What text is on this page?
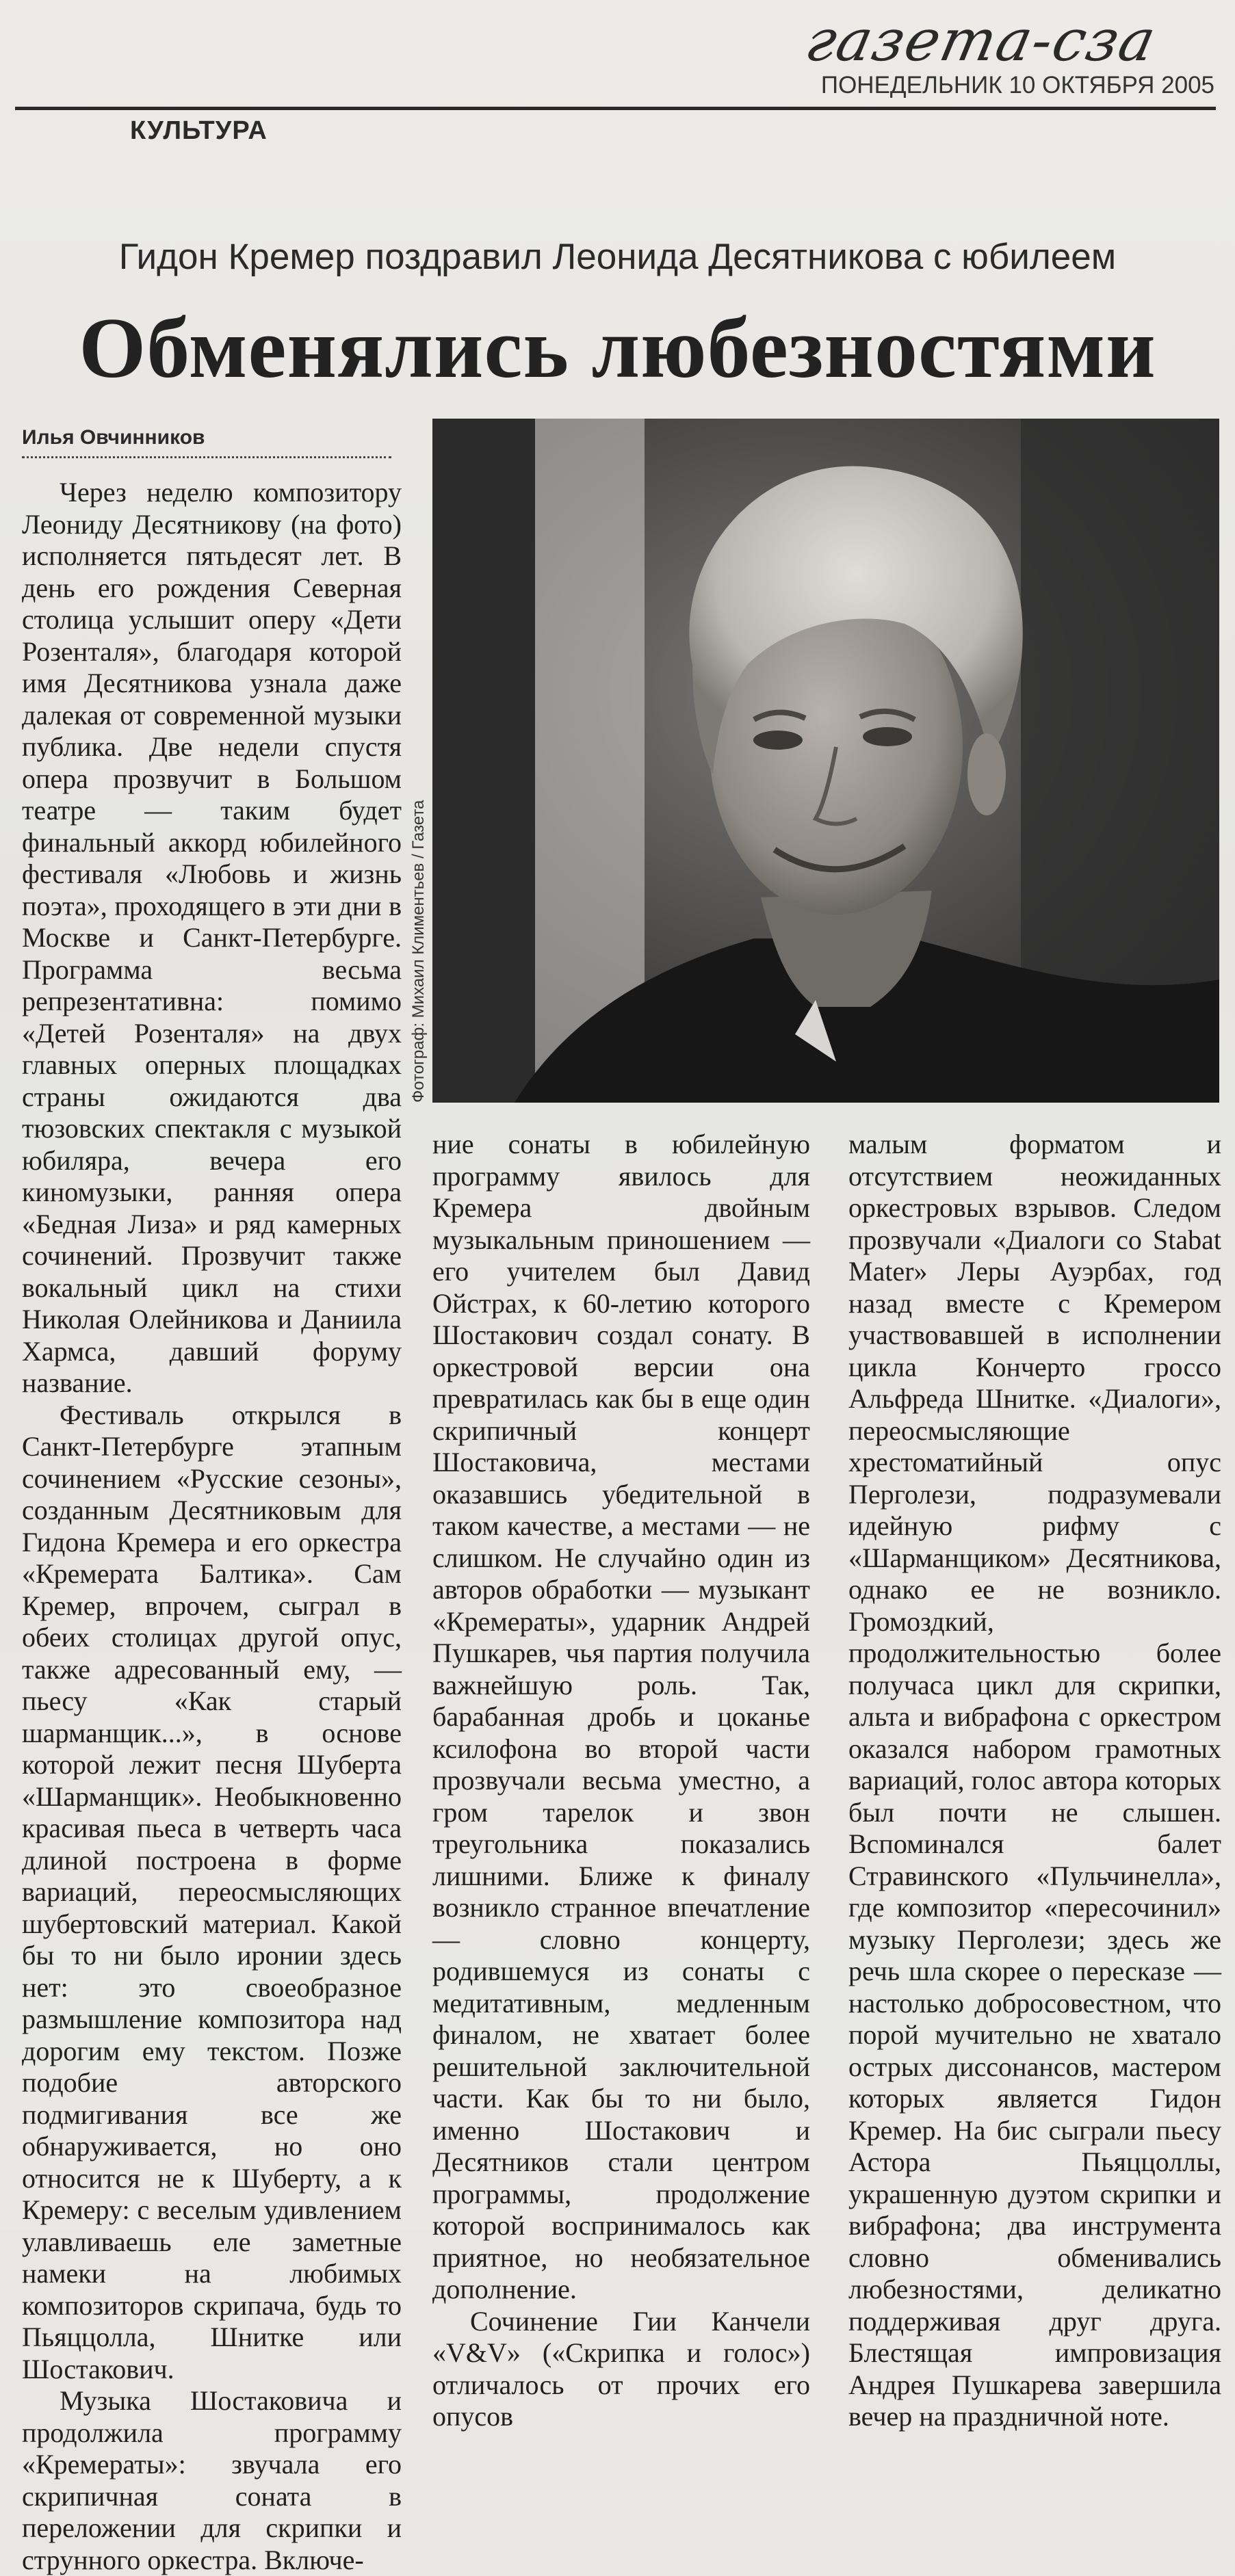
газета-сза
ПОНЕДЕЛЬНИК 10 ОКТЯБРЯ 2005
КУЛЬТУРА
Гидон Кремер поздравил Леонида Десятникова с юбилеем
Обменялись любезностями
Илья Овчинников
Фотограф: Михаил Климентьев / Газета

Через неделю композитору Леониду Десятникову (на фото) исполняется пятьдесят лет. В день его рождения Северная столица услышит оперу «Дети Розенталя», благодаря которой имя Десятникова узнала даже далекая от современной музыки публика. Две недели спустя опера прозвучит в Большом театре — таким будет финальный аккорд юбилейного фестиваля «Любовь и жизнь поэта», проходящего в эти дни в Москве и Санкт-Петербурге. Программа весьма репрезентативна: помимо «Детей Розенталя» на двух главных оперных площадках страны ожидаются два тюзовских спектакля с музыкой юбиляра, вечера его киномузыки, ранняя опера «Бедная Лиза» и ряд камерных сочинений. Прозвучит также вокальный цикл на стихи Николая Олейникова и Даниила Хармса, давший форуму название.

Фестиваль открылся в Санкт-Петербурге этапным сочинением «Русские сезоны», созданным Десятниковым для Гидона Кремера и его оркестра «Кремерата Балтика». Сам Кремер, впрочем, сыграл в обеих столицах другой опус, также адресованный ему, — пьесу «Как старый шарманщик...», в основе которой лежит песня Шуберта «Шарманщик». Необыкновенно красивая пьеса в четверть часа длиной построена в форме вариаций, переосмысляющих шубертовский материал. Какой бы то ни было иронии здесь нет: это своеобразное размышление композитора над дорогим ему текстом. Позже подобие авторского подмигивания все же обнаруживается, но оно относится не к Шуберту, а к Кремеру: с веселым удивлением улавливаешь еле заметные намеки на любимых композиторов скрипача, будь то Пьяццолла, Шнитке или Шостакович.

Музыка Шостаковича и продолжила программу «Кремераты»: звучала его скрипичная соната в переложении для скрипки и струнного оркестра. Включе-

ние сонаты в юбилейную программу явилось для Кремера двойным музыкальным приношением — его учителем был Давид Ойстрах, к 60-летию которого Шостакович создал сонату. В оркестровой версии она превратилась как бы в еще один скрипичный концерт Шостаковича, местами оказавшись убедительной в таком качестве, а местами — не слишком. Не случайно один из авторов обработки — музыкант «Кремераты», ударник Андрей Пушкарев, чья партия получила важнейшую роль. Так, барабанная дробь и цоканье ксилофона во второй части прозвучали весьма уместно, а гром тарелок и звон треугольника показались лишними. Ближе к финалу возникло странное впечатление — словно концерту, родившемуся из сонаты с медитативным, медленным финалом, не хватает более решительной заключительной части. Как бы то ни было, именно Шостакович и Десятников стали центром программы, продолжение которой воспринималось как приятное, но необязательное дополнение.

Сочинение Гии Канчели «V&V» («Скрипка и голос») отличалось от прочих его опусов

малым форматом и отсутствием неожиданных оркестровых взрывов. Следом прозвучали «Диалоги со Stabat Mater» Леры Ауэрбах, год назад вместе с Кремером участвовавшей в исполнении цикла Кончерто гроссо Альфреда Шнитке. «Диалоги», переосмысляющие хрестоматийный опус Перголези, подразумевали идейную рифму с «Шарманщиком» Десятникова, однако ее не возникло. Громоздкий, продолжительностью более получаса цикл для скрипки, альта и вибрафона с оркестром оказался набором грамотных вариаций, голос автора которых был почти не слышен. Вспоминался балет Стравинского «Пульчинелла», где композитор «пересочинил» музыку Перголези; здесь же речь шла скорее о пересказе — настолько добросовестном, что порой мучительно не хватало острых диссонансов, мастером которых является Гидон Кремер. На бис сыграли пьесу Астора Пьяццоллы, украшенную дуэтом скрипки и вибрафона; два инструмента словно обменивались любезностями, деликатно поддерживая друг друга. Блестящая импровизация Андрея Пушкарева завершила вечер на праздничной ноте.
